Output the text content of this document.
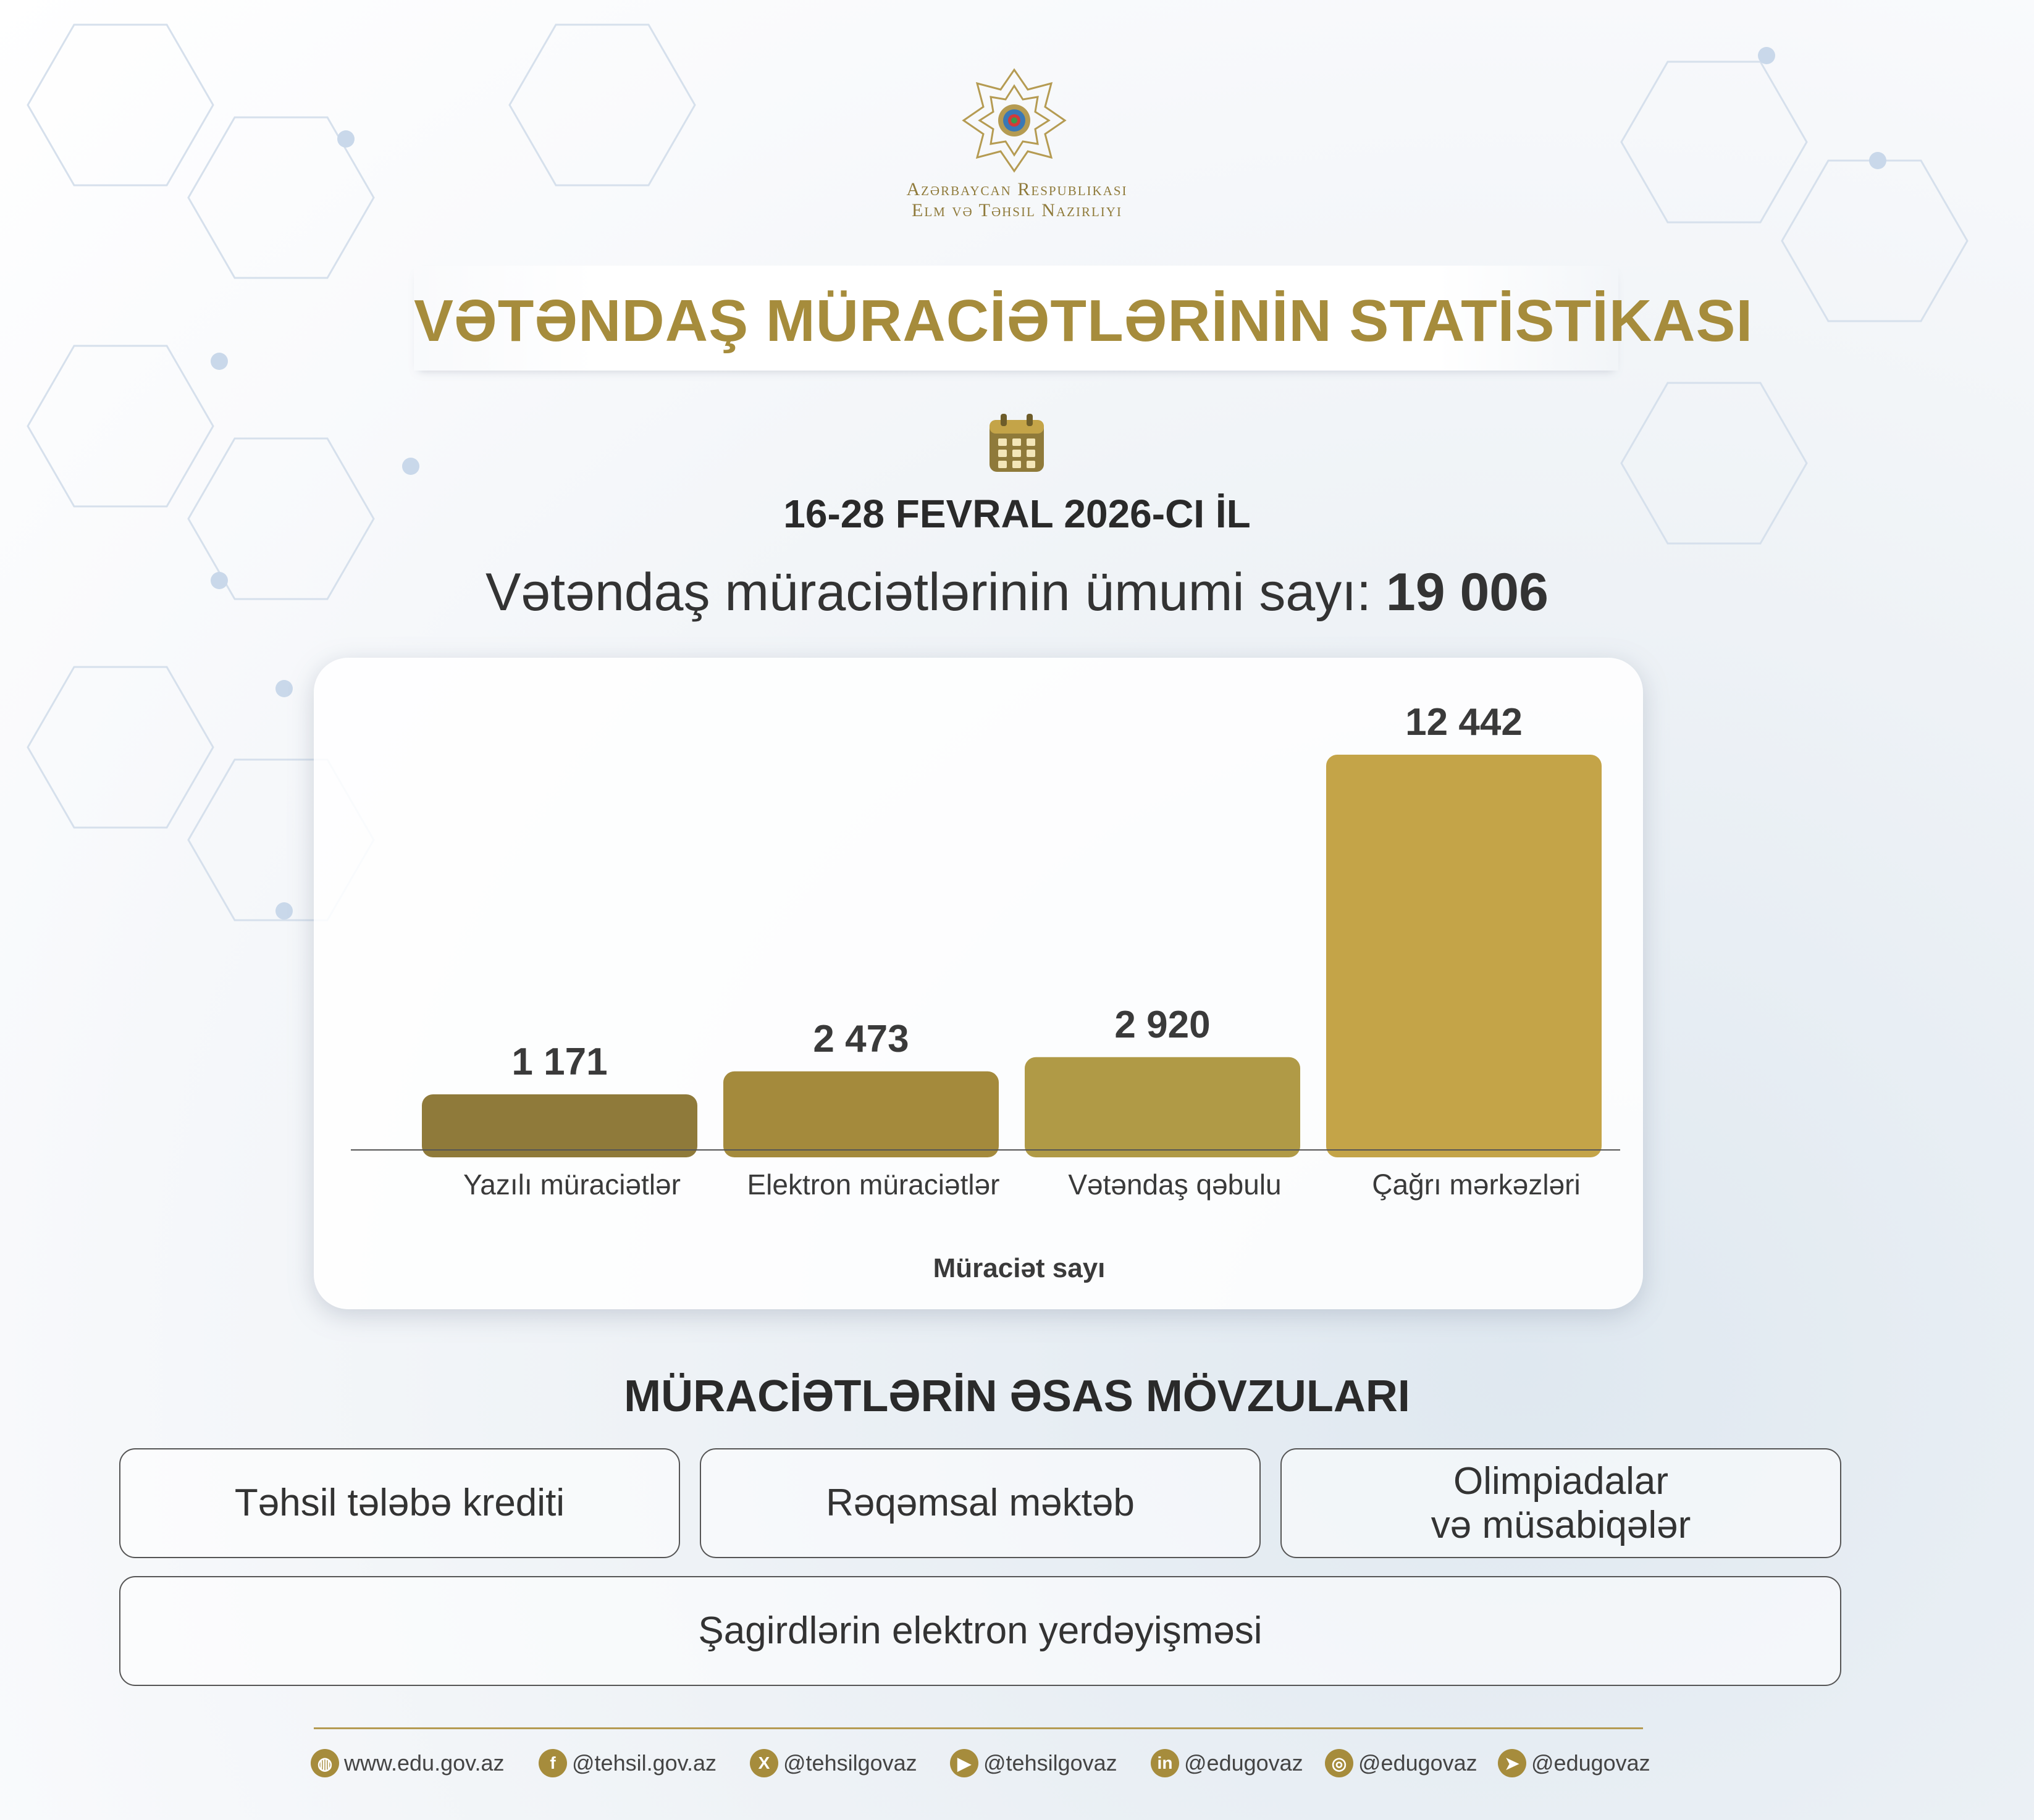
Azərbaycan Respublikası
Elm və Təhsil Nazirliyi
VƏTƏNDAŞ MÜRACİƏTLƏRİNİN STATİSTİKASI
16-28 FEVRAL 2026-CI İL
Vətəndaş müraciətlərinin ümumi sayı: 19 006
1 171
Yazılı müraciətlər
2 473
Elektron müraciətlər
2 920
Vətəndaş qəbulu
12 442
Çağrı mərkəzləri
Müraciət sayı
MÜRACİƏTLƏRİN ƏSAS MÖVZULARI
Təhsil tələbə krediti	Rəqəmsal məktəb
Olimpiadalar
və müsabiqələr
Şagirdlərin elektron yerdəyişməsi
◍ www.edu.gov.az	f @tehsil.gov.az	X @tehsilgovaz	▶ @tehsilgovaz	in @edugovaz	◎ @edugovaz	➤ @edugovaz
